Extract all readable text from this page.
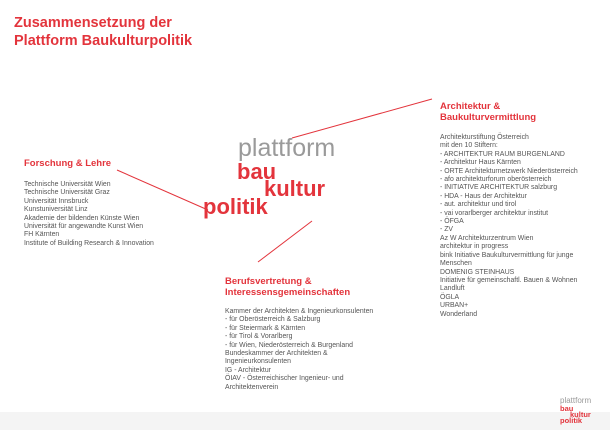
Zusammensetzung der
Plattform Baukulturpolitik
plattform
bau
kultur
politik
Forschung & Lehre
Technische Universität Wien
Technische Universität Graz
Universität Innsbruck
Kunstuniversität Linz
Akademie der bildenden Künste Wien
Universität für angewandte Kunst Wien
FH Kärnten
Institute of Building Research & Innovation
Architektur &
Baukulturvermittlung
Architekturstiftung Österreich
mit den 10 Stiftern:
- ARCHITEKTUR RAUM BURGENLAND
- Architektur Haus Kärnten
- ORTE Architekturnetzwerk Niederösterreich
- afo architekturforum oberösterreich
- INITIATIVE ARCHITEKTUR salzburg
- HDA - Haus der Architektur
- aut. architektur und tirol
- vai vorarlberger architektur institut
- ÖFGA
- ZV
Az W Architekturzentrum Wien
architektur in progress
bink Initiative Baukulturvermittlung für junge
Menschen
DOMENIG STEINHAUS
Initiative für gemeinschaftl. Bauen & Wohnen
Landluft
ÖGLA
URBAN+
Wonderland
Berufsvertretung &
Interessensgemeinschaften
Kammer der Architekten & Ingenieurkonsulenten
- für Oberösterreich & Salzburg
- für Steiermark & Kärnten
- für Tirol & Vorarlberg
- für Wien, Niederösterreich & Burgenland
Bundeskammer der Architekten &
Ingenieurkonsulenten
IG - Architektur
ÖIAV - Österreichischer Ingenieur- und
Architektenverein
plattform
bau
kultur
politik
